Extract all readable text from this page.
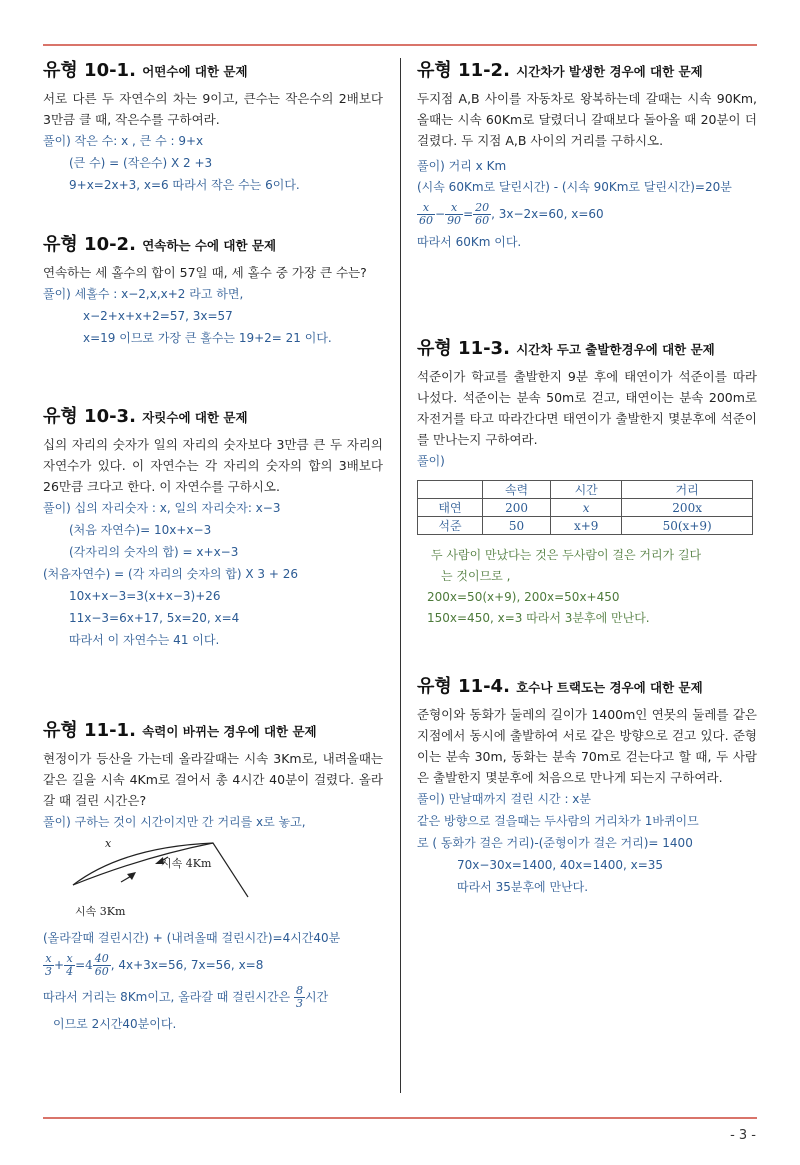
유형 10-1. 어떤수에 대한 문제

서로 다른 두 자연수의 차는 9이고, 큰수는 작은수의 2배보다 3만큼 클 때, 작은수를 구하여라.

풀이) 작은 수: x , 큰 수 : 9+x

(큰 수) = (작은수) X 2 +3

9+x=2x+3, x=6 따라서 작은 수는 6이다.

유형 10-2. 연속하는 수에 대한 문제

연속하는 세 홀수의 합이 57일 때, 세 홀수 중 가장 큰 수는?

풀이) 세홀수 : x−2,x,x+2 라고 하면,

x−2+x+x+2=57, 3x=57

x=19 이므로 가장 큰 홀수는 19+2= 21 이다.

유형 10-3. 자릿수에 대한 문제

십의 자리의 숫자가 일의 자리의 숫자보다 3만큼 큰 두 자리의 자연수가 있다. 이 자연수는 각 자리의 숫자의 합의 3배보다 26만큼 크다고 한다. 이 자연수를 구하시오.

풀이) 십의 자리숫자 : x, 일의 자리숫자: x−3

(처음 자연수)= 10x+x−3

(각자리의 숫자의 합) = x+x−3

(처음자연수) = (각 자리의 숫자의 합) X 3 + 26

10x+x−3=3(x+x−3)+26

11x−3=6x+17, 5x=20, x=4

따라서 이 자연수는 41 이다.

유형 11-1. 속력이 바뀌는 경우에 대한 문제

현정이가 등산을 가는데 올라갈때는 시속 3Km로, 내려올때는 같은 길을 시속 4Km로 걸어서 총 4시간 40분이 걸렸다. 올라갈 때 걸린 시간은?

풀이) 구하는 것이 시간이지만 간 거리를 x로 놓고,

x
시속 4Km
시속 3Km

(올라갈때 걸린시간) + (내려올때 걸린시간)=4시간40분

$\frac{x}{3} + \frac{x}{4} =4 \frac{40}{60}$ , 4x+3x=56, 7x=56, x=8

따라서 거리는 8Km이고, 올라갈 때 걸린시간은 $\frac{8}{3}$ 시간

이므로 2시간40분이다.

유형 11-2. 시간차가 발생한 경우에 대한 문제

두지점 A,B 사이를 자동차로 왕복하는데 갈때는 시속 90Km, 올때는 시속 60Km로 달렸더니 갈때보다 돌아올 때 20분이 더 걸렸다. 두 지점 A,B 사이의 거리를 구하시오.

풀이) 거리 x Km

(시속 60Km로 달린시간) - (시속 90Km로 달린시간)=20분

$\frac{x}{60} - \frac{x}{90} = \frac{20}{60}$ , 3x−2x=60, x=60

따라서 60Km 이다.

유형 11-3. 시간차 두고 출발한경우에 대한 문제

석준이가 학교를 출발한지 9분 후에 태연이가 석준이를 따라 나섰다. 석준이는 분속 50m로 걷고, 태연이는 분속 200m로 자전거를 타고 따라간다면 태연이가 출발한지 몇분후에 석준이를 만나는지 구하여라.

풀이)

	속력	시간	거리
태연	200	x	200x
석준	50	x+9	50(x+9)

두 사람이 만났다는 것은 두사람이 걸은 거리가 길다

는 것이므로 ,

200x=50(x+9), 200x=50x+450

150x=450, x=3 따라서 3분후에 만난다.

유형 11-4. 호수나 트랙도는 경우에 대한 문제

준형이와 동화가 둘레의 길이가 1400m인 연못의 둘레를 같은 지점에서 동시에 출발하여 서로 같은 방향으로 걷고 있다. 준형이는 분속 30m, 동화는 분속 70m로 걷는다고 할 때, 두 사람은 출발한지 몇분후에 처음으로 만나게 되는지 구하여라.

풀이) 만날때까지 걸린 시간 : x분

같은 방향으로 걸을때는 두사람의 거리차가 1바퀴이므

로 ( 동화가 걸은 거리)-(준형이가 걸은 거리)= 1400

70x−30x=1400, 40x=1400, x=35

따라서 35분후에 만난다.

- 3 -
